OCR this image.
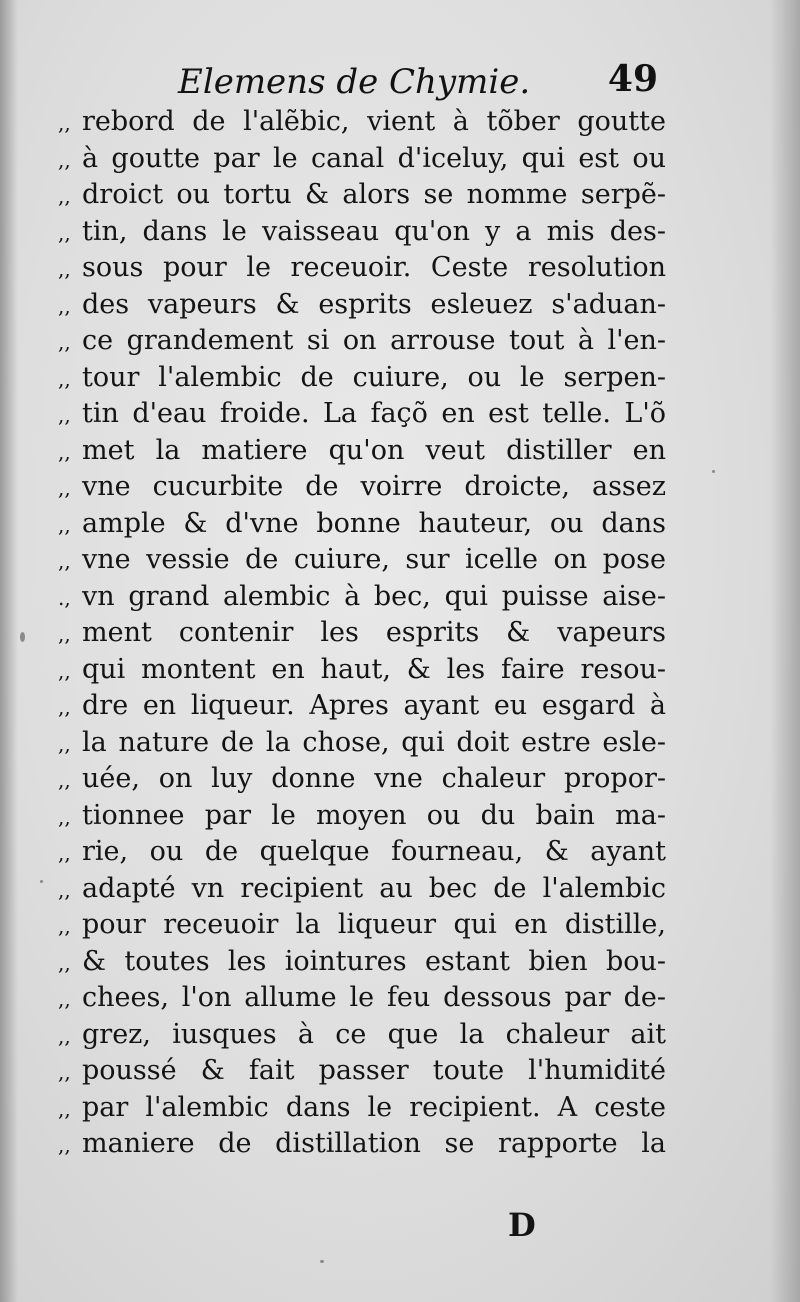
Elemens de Chymie. 49
,, rebord de l'alẽbic, vient à tõber goutte
,, à goutte par le canal d'iceluy, qui est ou
,, droict ou tortu & alors se nomme serpẽ-
,, tin, dans le vaisseau qu'on y a mis des-
,, sous pour le receuoir. Ceste resolution
,, des vapeurs & esprits esleuez s'aduan-
,, ce grandement si on arrouse tout à l'en-
,, tour l'alembic de cuiure, ou le serpen-
,, tin d'eau froide. La façõ en est telle. L'õ
,, met la matiere qu'on veut distiller en
,, vne cucurbite de voirre droicte, assez
,, ample & d'vne bonne hauteur, ou dans
,, vne vessie de cuiure, sur icelle on pose
., vn grand alembic à bec, qui puisse aise-
,, ment contenir les esprits & vapeurs
,, qui montent en haut, & les faire resou-
,, dre en liqueur. Apres ayant eu esgard à
,, la nature de la chose, qui doit estre esle-
,, uée, on luy donne vne chaleur propor-
,, tionnee par le moyen ou du bain ma-
,, rie, ou de quelque fourneau, & ayant
,, adapté vn recipient au bec de l'alembic
,, pour receuoir la liqueur qui en distille,
,, & toutes les iointures estant bien bou-
,, chees, l'on allume le feu dessous par de-
,, grez, iusques à ce que la chaleur ait
,, poussé & fait passer toute l'humidité
,, par l'alembic dans le recipient. A ceste
,, maniere de distillation se rapporte la
D
